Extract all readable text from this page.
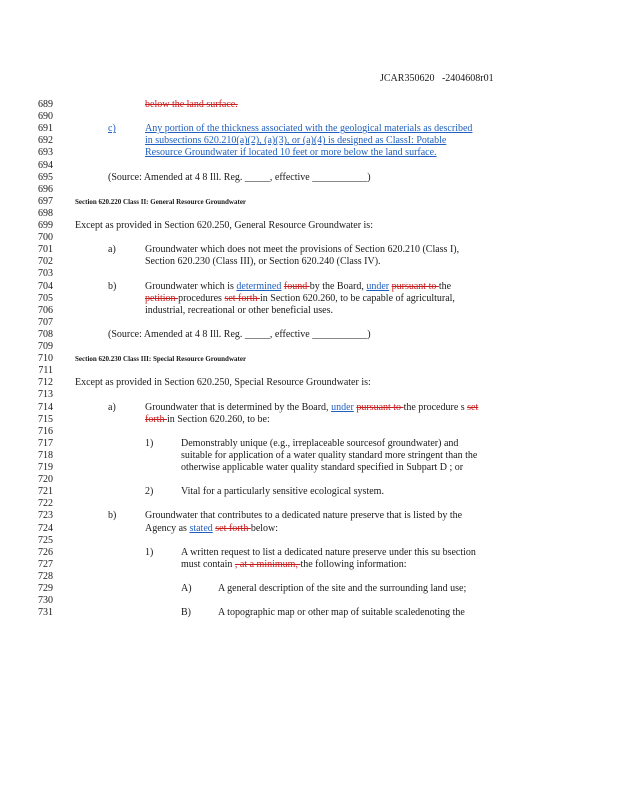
JCAR350620   -2404608r01
689
690
691
692
693
694
695
696
697
698
699
700
701
702
703
704
705
706
707
708
709
710
711
712
713
714
715
716
717
718
719
720
721
722
723
724
725
726
727
728
729
730
731
below the land surface.
c)	Any portion of the thickness associated with the geological materials as described
in subsections 620.210(a)(2), (a)(3), or (a)(4) is designed as ClassI: Potable
Resource Groundwater if located 10 feet or more below the land surface.
(Source: Amended at 4 8 Ill. Reg. _____, effective ___________)
Section 620.220 Class II: General Resource Groundwater
Except as provided in Section 620.250, General Resource Groundwater is:
a)	Groundwater which does not meet the provisions of Section 620.210 (Class I),
Section 620.230 (Class III), or Section 620.240 (Class IV).
b)	Groundwater which is determined found by the Board, under pursuant to the
petition procedures set forth in Section 620.260, to be capable of agricultural,
industrial, recreational or other beneficial uses.
(Source: Amended at 4 8 Ill. Reg. _____, effective ___________)
Section 620.230 Class III: Special Resource Groundwater
Except as provided in Section 620.250, Special Resource Groundwater is:
a)	Groundwater that is determined by the Board, under pursuant to the procedure s set
forth in Section 620.260, to be:
1)	Demonstrably unique (e.g., irreplaceable sourcesof groundwater) and
suitable for application of a water quality standard more stringent than the
otherwise applicable water quality standard specified in Subpart D ; or
2)	Vital for a particularly sensitive ecological system.
b)	Groundwater that contributes to a dedicated nature preserve that is listed by the
Agency as stated set forth below:
1)	A written request to list a dedicated nature preserve under this su bsection
must contain , at a minimum, the following information:
A)	A general description of the site and the surrounding land use;
B)	A topographic map or other map of suitable scaledenoting the
